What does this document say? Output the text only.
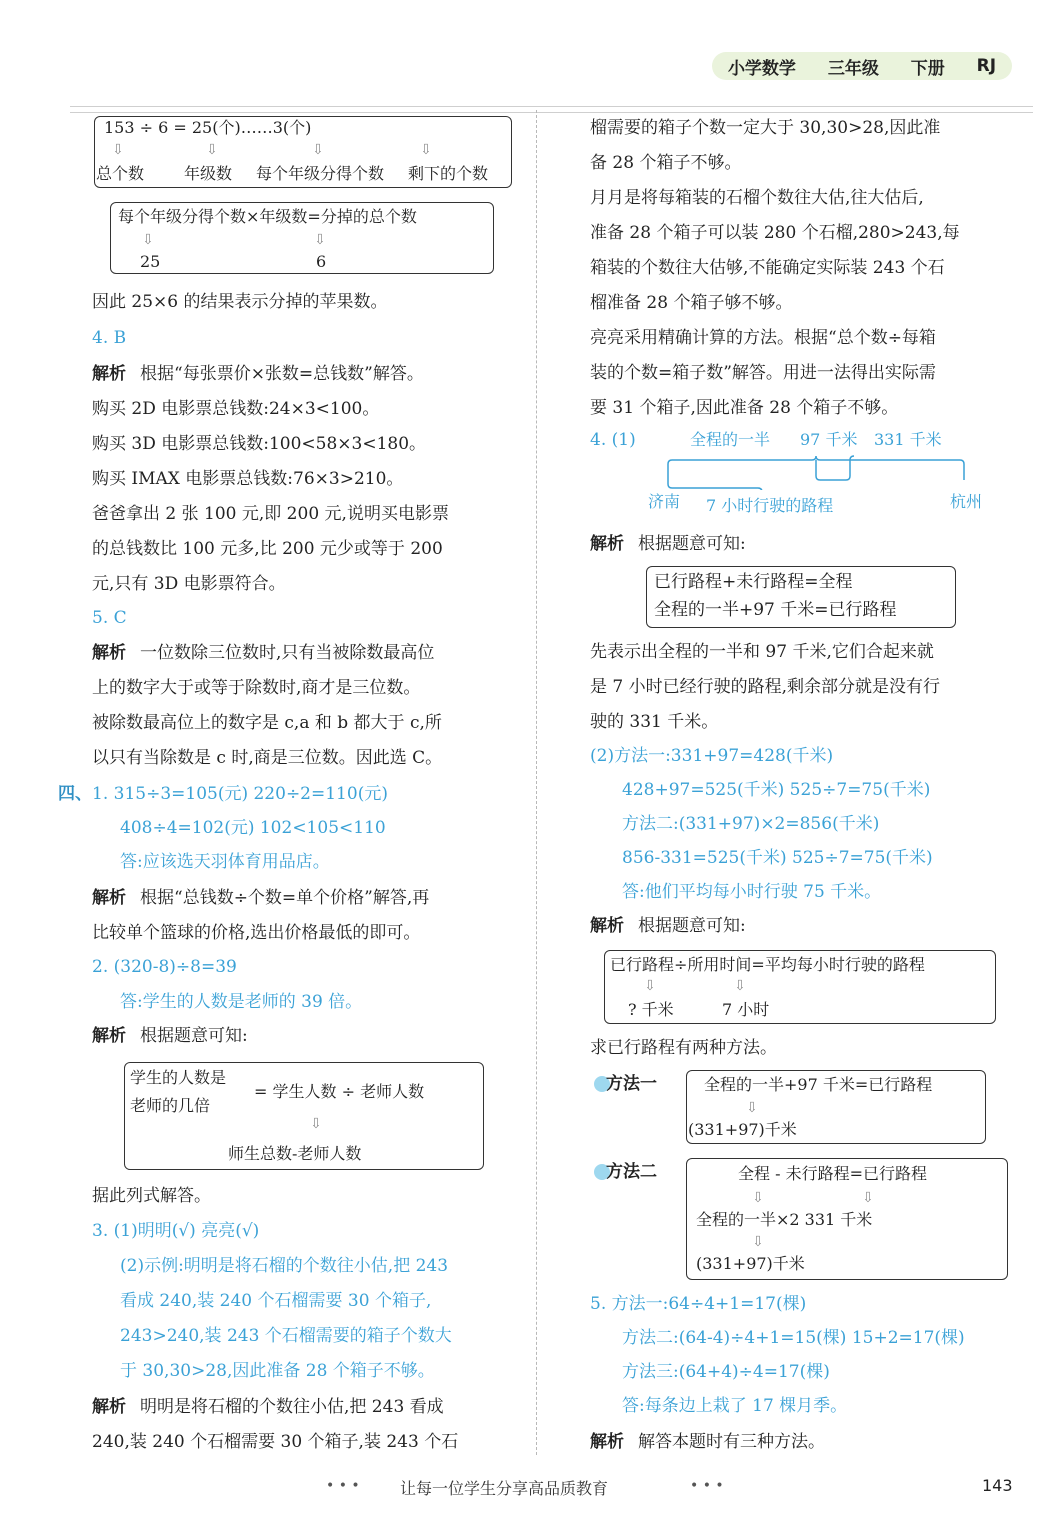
小学数学 三年级 下册 RJ
153 ÷ 6 = 25(个)……3(个)
⇩	⇩	⇩	⇩
总个数 年级数 每个年级分得个数 剩下的个数
每个年级分得个数×年级数=分掉的总个数
⇩	⇩
25	6
因此 25×6 的结果表示分掉的苹果数。
4. B
解析 根据“每张票价×张数=总钱数”解答。
购买 2D 电影票总钱数:24×3<100。
购买 3D 电影票总钱数:100<58×3<180。
购买 IMAX 电影票总钱数:76×3>210。
爸爸拿出 2 张 100 元,即 200 元,说明买电影票
的总钱数比 100 元多,比 200 元少或等于 200
元,只有 3D 电影票符合。
5. C
解析 一位数除三位数时,只有当被除数最高位
上的数字大于或等于除数时,商才是三位数。
被除数最高位上的数字是 c,a 和 b 都大于 c,所
以只有当除数是 c 时,商是三位数。因此选 C。
四、 1. 315÷3=105(元) 220÷2=110(元)
408÷4=102(元) 102<105<110
答:应该选天羽体育用品店。
解析 根据“总钱数÷个数=单个价格”解答,再
比较单个篮球的价格,选出价格最低的即可。
2. (320-8)÷8=39
答:学生的人数是老师的 39 倍。
解析 根据题意可知:
学生的人数是
老师的几倍
= 学生人数 ÷ 老师人数
⇩
师生总数-老师人数
据此列式解答。
3. (1)明明(√) 亮亮(√)
(2)示例:明明是将石榴的个数往小估,把 243
看成 240,装 240 个石榴需要 30 个箱子,
243>240,装 243 个石榴需要的箱子个数大
于 30,30>28,因此准备 28 个箱子不够。
解析 明明是将石榴的个数往小估,把 243 看成
240,装 240 个石榴需要 30 个箱子,装 243 个石
榴需要的箱子个数一定大于 30,30>28,因此准
备 28 个箱子不够。
月月是将每箱装的石榴个数往大估,往大估后,
准备 28 个箱子可以装 280 个石榴,280>243,每
箱装的个数往大估够,不能确定实际装 243 个石
榴准备 28 个箱子够不够。
亮亮采用精确计算的方法。根据“总个数÷每箱
装的个数=箱子数”解答。用进一法得出实际需
要 31 个箱子,因此准备 28 个箱子不够。
4. (1)	全程的一半 97 千米 331 千米
济南 7 小时行驶的路程	杭州
解析 根据题意可知:
已行路程+未行路程=全程
全程的一半+97 千米=已行路程
先表示出全程的一半和 97 千米,它们合起来就
是 7 小时已经行驶的路程,剩余部分就是没有行
驶的 331 千米。
(2)方法一:331+97=428(千米)
428+97=525(千米) 525÷7=75(千米)
方法二:(331+97)×2=856(千米)
856-331=525(千米) 525÷7=75(千米)
答:他们平均每小时行驶 75 千米。
解析 根据题意可知:
已行路程÷所用时间=平均每小时行驶的路程
⇩	⇩
? 千米	7 小时
求已行路程有两种方法。
方法一	全程的一半+97 千米=已行路程
⇩
(331+97)千米
方法二	全程 - 未行路程=已行路程
⇩	⇩
全程的一半×2 331 千米
⇩
(331+97)千米
5. 方法一:64÷4+1=17(棵)
方法二:(64-4)÷4+1=15(棵) 15+2=17(棵)
方法三:(64+4)÷4=17(棵)
答:每条边上栽了 17 棵月季。
解析 解答本题时有三种方法。
• • •	让每一位学生分享高品质教育	• • •	143
